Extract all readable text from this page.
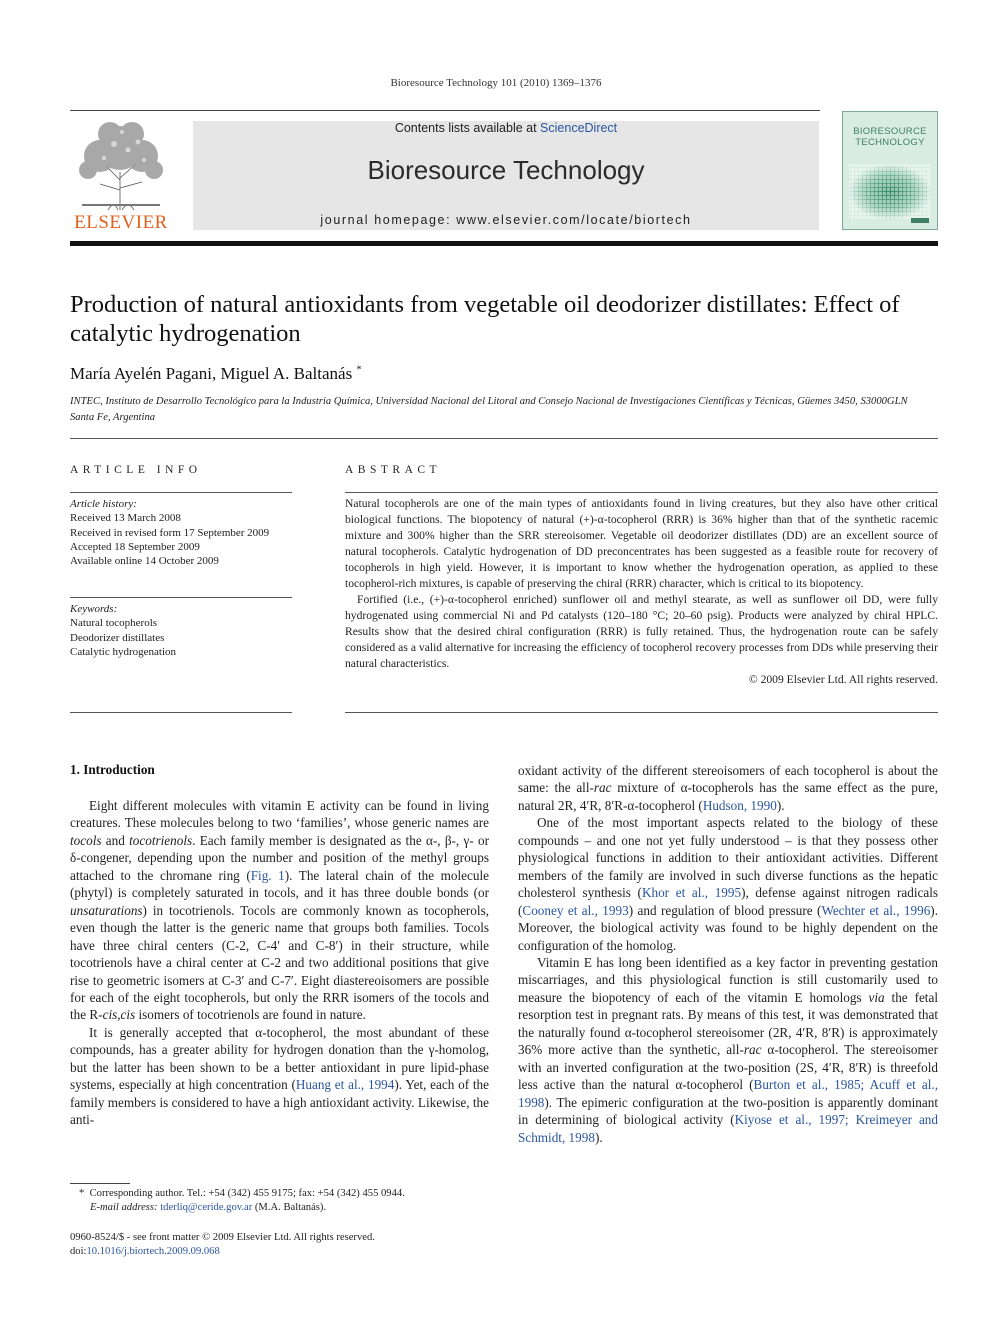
Bioresource Technology 101 (2010) 1369–1376
ELSEVIER
Contents lists available at ScienceDirect
Bioresource Technology
journal homepage: www.elsevier.com/locate/biortech
BIORESOURCE TECHNOLOGY
Production of natural antioxidants from vegetable oil deodorizer distillates: Effect of catalytic hydrogenation
María Ayelén Pagani, Miguel A. Baltanás *
INTEC, Instituto de Desarrollo Tecnológico para la Industria Química, Universidad Nacional del Litoral and Consejo Nacional de Investigaciones Científicas y Técnicas, Güemes 3450, S3000GLN Santa Fe, Argentina
ARTICLE INFO
Article history:
Received 13 March 2008
Received in revised form 17 September 2009
Accepted 18 September 2009
Available online 14 October 2009
Keywords:
Natural tocopherols
Deodorizer distillates
Catalytic hydrogenation
ABSTRACT

Natural tocopherols are one of the main types of antioxidants found in living creatures, but they also have other critical biological functions. The biopotency of natural (+)-α-tocopherol (RRR) is 36% higher than that of the synthetic racemic mixture and 300% higher than the SRR stereoisomer. Vegetable oil deodorizer distillates (DD) are an excellent source of natural tocopherols. Catalytic hydrogenation of DD preconcentrates has been suggested as a feasible route for recovery of tocopherols in high yield. However, it is important to know whether the hydrogenation operation, as applied to these tocopherol-rich mixtures, is capable of preserving the chiral (RRR) character, which is critical to its biopotency.

Fortified (i.e., (+)-α-tocopherol enriched) sunflower oil and methyl stearate, as well as sunflower oil DD, were fully hydrogenated using commercial Ni and Pd catalysts (120–180 °C; 20–60 psig). Products were analyzed by chiral HPLC. Results show that the desired chiral configuration (RRR) is fully retained. Thus, the hydrogenation route can be safely considered as a valid alternative for increasing the efficiency of tocopherol recovery processes from DDs while preserving their natural characteristics.

© 2009 Elsevier Ltd. All rights reserved.
1. Introduction

Eight different molecules with vitamin E activity can be found in living creatures. These molecules belong to two ‘families’, whose generic names are tocols and tocotrienols. Each family member is designated as the α-, β-, γ- or δ-congener, depending upon the number and position of the methyl groups attached to the chromane ring (Fig. 1). The lateral chain of the molecule (phytyl) is completely saturated in tocols, and it has three double bonds (or unsaturations) in tocotrienols. Tocols are commonly known as tocopherols, even though the latter is the generic name that groups both families. Tocols have three chiral centers (C-2, C-4′ and C-8′) in their structure, while tocotrienols have a chiral center at C-2 and two additional positions that give rise to geometric isomers at C-3′ and C-7′. Eight diastereoisomers are possible for each of the eight tocopherols, but only the RRR isomers of the tocols and the R-cis,cis isomers of tocotrienols are found in nature.

It is generally accepted that α-tocopherol, the most abundant of these compounds, has a greater ability for hydrogen donation than the γ-homolog, but the latter has been shown to be a better antioxidant in pure lipid-phase systems, especially at high concentration (Huang et al., 1994). Yet, each of the family members is considered to have a high antioxidant activity. Likewise, the anti-

oxidant activity of the different stereoisomers of each tocopherol is about the same: the all-rac mixture of α-tocopherols has the same effect as the pure, natural 2R, 4′R, 8′R-α-tocopherol (Hudson, 1990).

One of the most important aspects related to the biology of these compounds – and one not yet fully understood – is that they possess other physiological functions in addition to their antioxidant activities. Different members of the family are involved in such diverse functions as the hepatic cholesterol synthesis (Khor et al., 1995), defense against nitrogen radicals (Cooney et al., 1993) and regulation of blood pressure (Wechter et al., 1996). Moreover, the biological activity was found to be highly dependent on the configuration of the homolog.

Vitamin E has long been identified as a key factor in preventing gestation miscarriages, and this physiological function is still customarily used to measure the biopotency of each of the vitamin E homologs via the fetal resorption test in pregnant rats. By means of this test, it was demonstrated that the naturally found α-tocopherol stereoisomer (2R, 4′R, 8′R) is approximately 36% more active than the synthetic, all-rac α-tocopherol. The stereoisomer with an inverted configuration at the two-position (2S, 4′R, 8′R) is threefold less active than the natural α-tocopherol (Burton et al., 1985; Acuff et al., 1998). The epimeric configuration at the two-position is apparently dominant in determining of biological activity (Kiyose et al., 1997; Kreimeyer and Schmidt, 1998).

* Corresponding author. Tel.: +54 (342) 455 9175; fax: +54 (342) 455 0944.
E-mail address: tderliq@ceride.gov.ar (M.A. Baltanás).
0960-8524/$ - see front matter © 2009 Elsevier Ltd. All rights reserved.
doi:10.1016/j.biortech.2009.09.068
